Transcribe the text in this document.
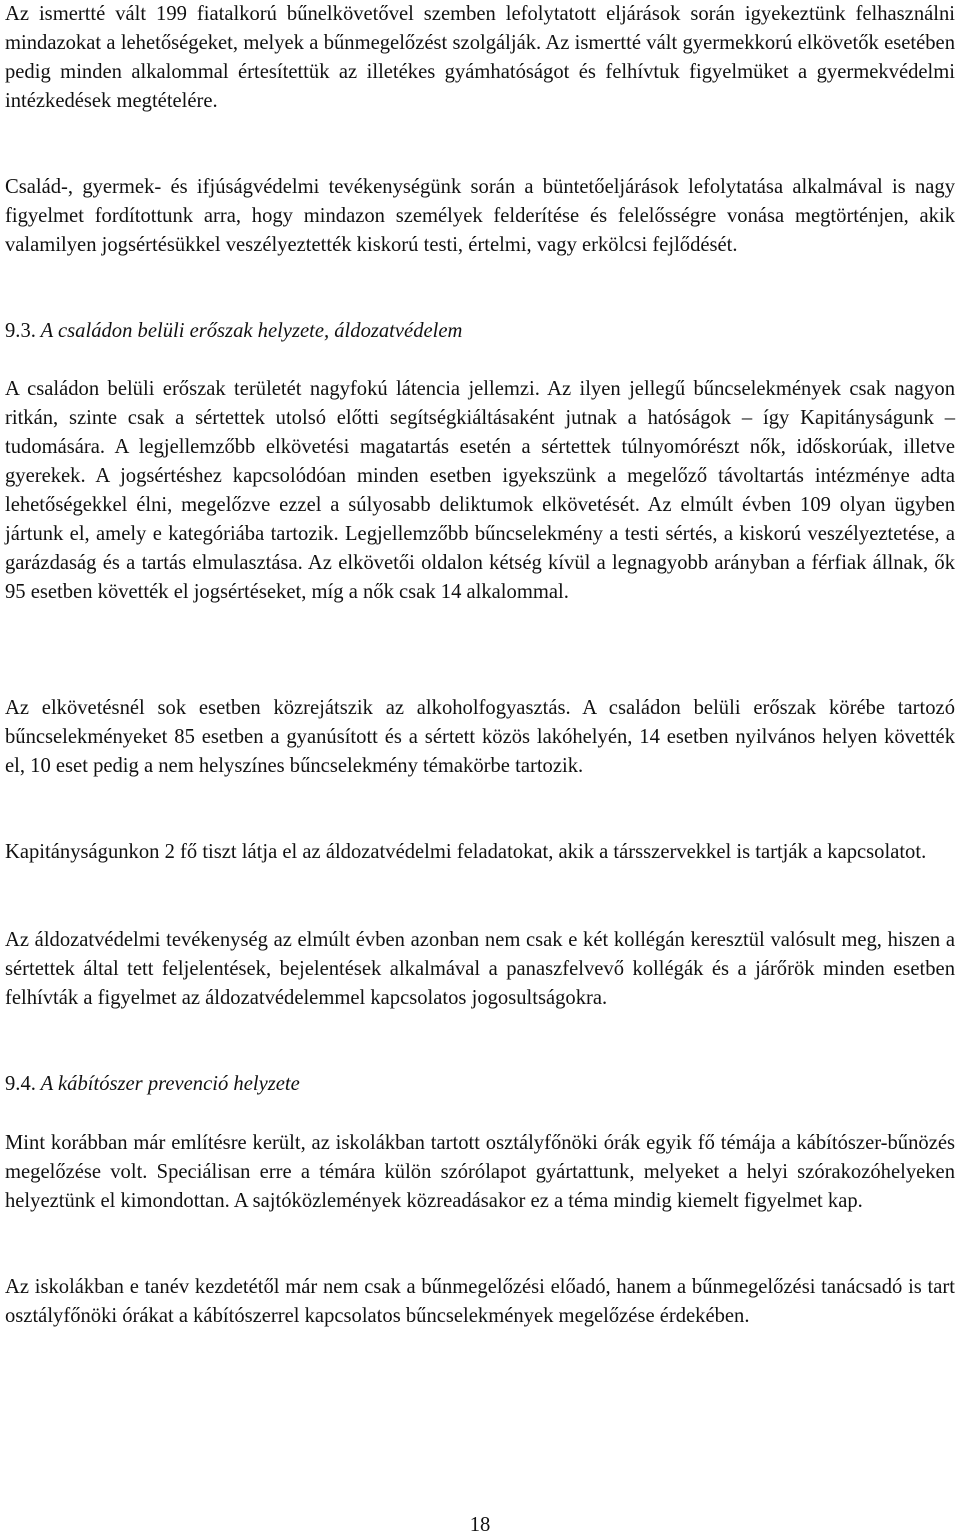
Az ismertté vált 199 fiatalkorú bűnelkövetővel szemben lefolytatott eljárások során igyekeztünk felhasználni mindazokat a lehetőségeket, melyek a bűnmegelőzést szolgálják. Az ismertté vált gyermekkorú elkövetők esetében pedig minden alkalommal értesítettük az illetékes gyámhatóságot és felhívtuk figyelmüket a gyermekvédelmi intézkedések megtételére.

Család-, gyermek- és ifjúságvédelmi tevékenységünk során a büntetőeljárások lefolytatása alkalmával is nagy figyelmet fordítottunk arra, hogy mindazon személyek felderítése és felelősségre vonása megtörténjen, akik valamilyen jogsértésükkel veszélyeztették kiskorú testi, értelmi, vagy erkölcsi fejlődését.

9.3. A családon belüli erőszak helyzete, áldozatvédelem

A családon belüli erőszak területét nagyfokú látencia jellemzi. Az ilyen jellegű bűncselekmények csak nagyon ritkán, szinte csak a sértettek utolsó előtti segítségkiáltásaként jutnak a hatóságok – így Kapitányságunk – tudomására. A legjellemzőbb elkövetési magatartás esetén a sértettek túlnyomórészt nők, időskorúak, illetve gyerekek. A jogsértéshez kapcsolódóan minden esetben igyekszünk a megelőző távoltartás intézménye adta lehetőségekkel élni, megelőzve ezzel a súlyosabb deliktumok elkövetését. Az elmúlt évben 109 olyan ügyben jártunk el, amely e kategóriába tartozik. Legjellemzőbb bűncselekmény a testi sértés, a kiskorú veszélyeztetése, a garázdaság és a tartás elmulasztása. Az elkövetői oldalon kétség kívül a legnagyobb arányban a férfiak állnak, ők 95 esetben követték el jogsértéseket, míg a nők csak 14 alkalommal.

Az elkövetésnél sok esetben közrejátszik az alkoholfogyasztás. A családon belüli erőszak körébe tartozó bűncselekményeket 85 esetben a gyanúsított és a sértett közös lakóhelyén, 14 esetben nyilvános helyen követték el, 10 eset pedig a nem helyszínes bűncselekmény témakörbe tartozik.

Kapitányságunkon 2 fő tiszt látja el az áldozatvédelmi feladatokat, akik a társszervekkel is tartják a kapcsolatot.

Az áldozatvédelmi tevékenység az elmúlt évben azonban nem csak e két kollégán keresztül valósult meg, hiszen a sértettek által tett feljelentések, bejelentések alkalmával a panaszfelvevő kollégák és a járőrök minden esetben felhívták a figyelmet az áldozatvédelemmel kapcsolatos jogosultságokra.

9.4. A kábítószer prevenció helyzete

Mint korábban már említésre került, az iskolákban tartott osztályfőnöki órák egyik fő témája a kábítószer-bűnözés megelőzése volt. Speciálisan erre a témára külön szórólapot gyártattunk, melyeket a helyi szórakozóhelyeken helyeztünk el kimondottan. A sajtóközlemények közreadásakor ez a téma mindig kiemelt figyelmet kap.

Az iskolákban e tanév kezdetétől már nem csak a bűnmegelőzési előadó, hanem a bűnmegelőzési tanácsadó is tart osztályfőnöki órákat a kábítószerrel kapcsolatos bűncselekmények megelőzése érdekében.

18
